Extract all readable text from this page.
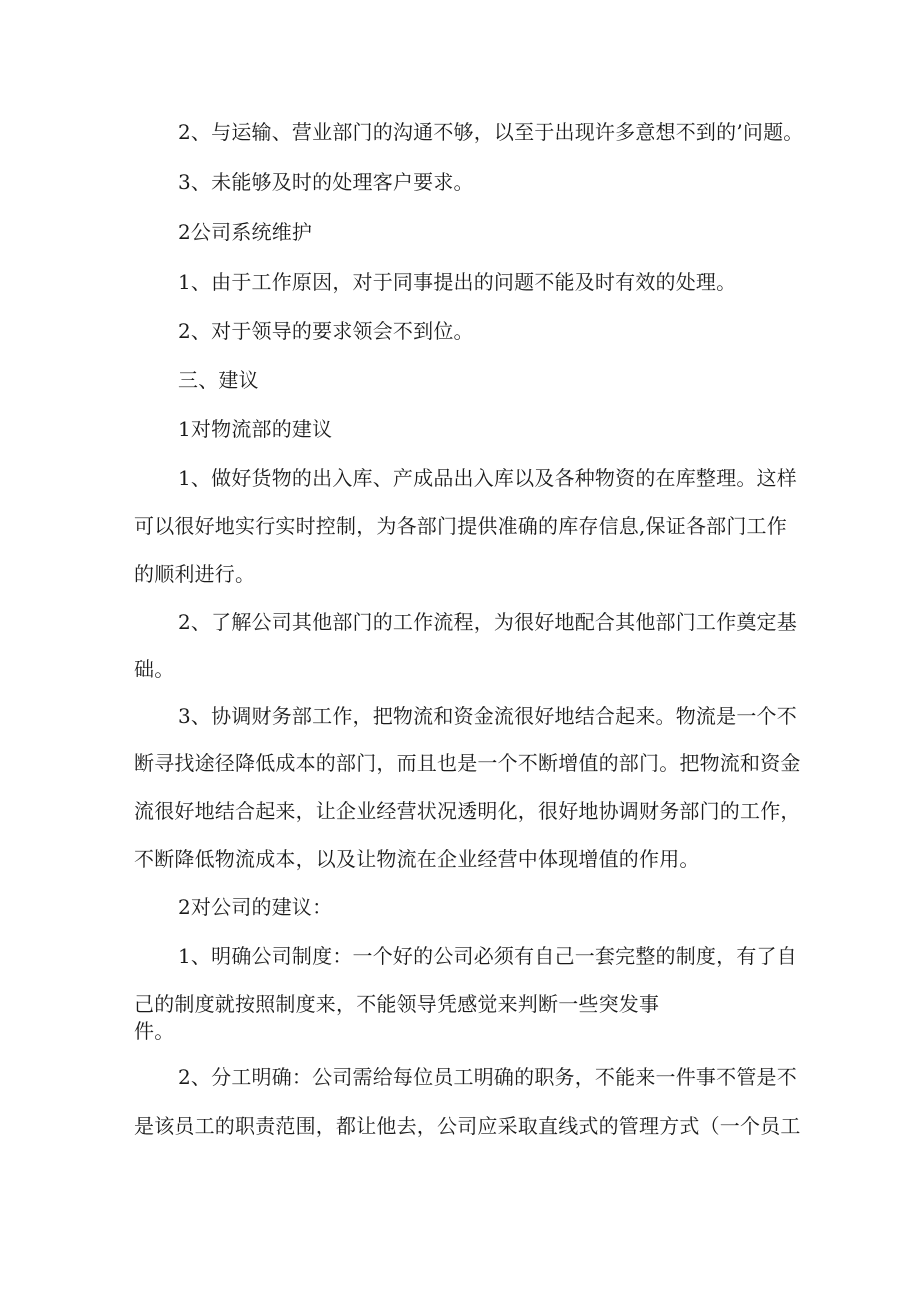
2、与运输、营业部门的沟通不够，以至于出现许多意想不到的’问题。

3、未能够及时的处理客户要求。

2公司系统维护

1、由于工作原因，对于同事提出的问题不能及时有效的处理。

2、对于领导的要求领会不到位。

三、建议

1对物流部的建议

1、做好货物的出入库、产成品出入库以及各种物资的在库整理。这样

可以很好地实行实时控制，为各部门提供准确的库存信息,保证各部门工作

的顺利进行。

2、了解公司其他部门的工作流程，为很好地配合其他部门工作奠定基

础。

3、协调财务部工作，把物流和资金流很好地结合起来。物流是一个不

断寻找途径降低成本的部门，而且也是一个不断增值的部门。把物流和资金

流很好地结合起来，让企业经营状况透明化，很好地协调财务部门的工作，

不断降低物流成本，以及让物流在企业经营中体现增值的作用。

2对公司的建议：

1、明确公司制度：一个好的公司必须有自己一套完整的制度，有了自

己的制度就按照制度来，不能领导凭感觉来判断一些突发事

件。

2、分工明确：公司需给每位员工明确的职务，不能来一件事不管是不

是该员工的职责范围，都让他去，公司应采取直线式的管理方式（一个员工
